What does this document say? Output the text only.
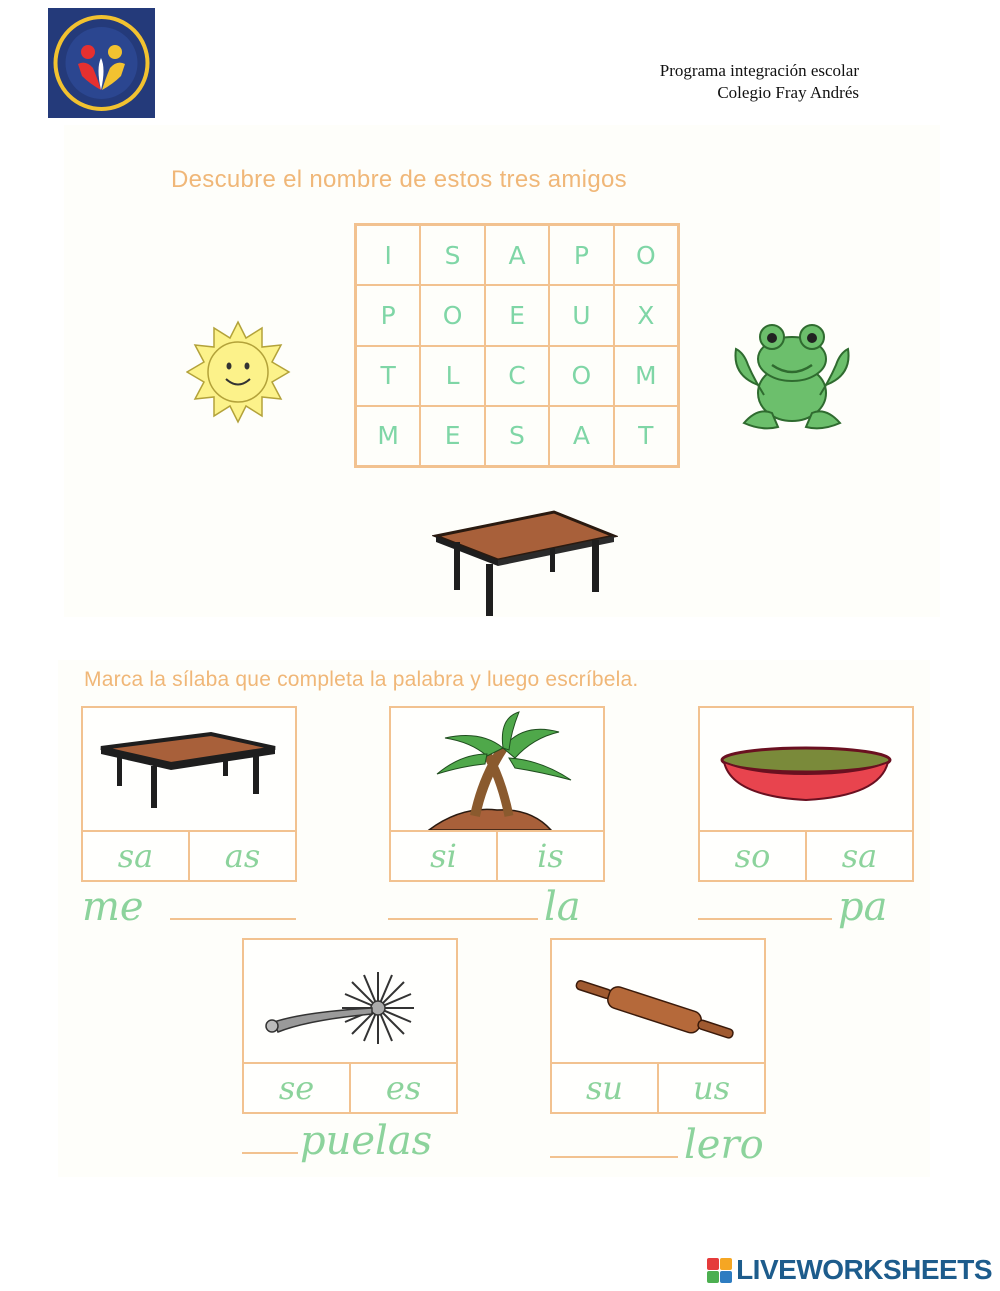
Programa integración escolar
Colegio Fray Andrés
Descubre el nombre de estos tres amigos
I	S	A	P	O
P	O	E	U	X
T	L	C	O	M
M	E	S	A	T
Marca la sílaba que completa la palabra y luego escríbela.
sa	as	si	is	so	sa
me	la	pa
se	es	su	us
puelas	lero
LIVEWORKSHEETS
